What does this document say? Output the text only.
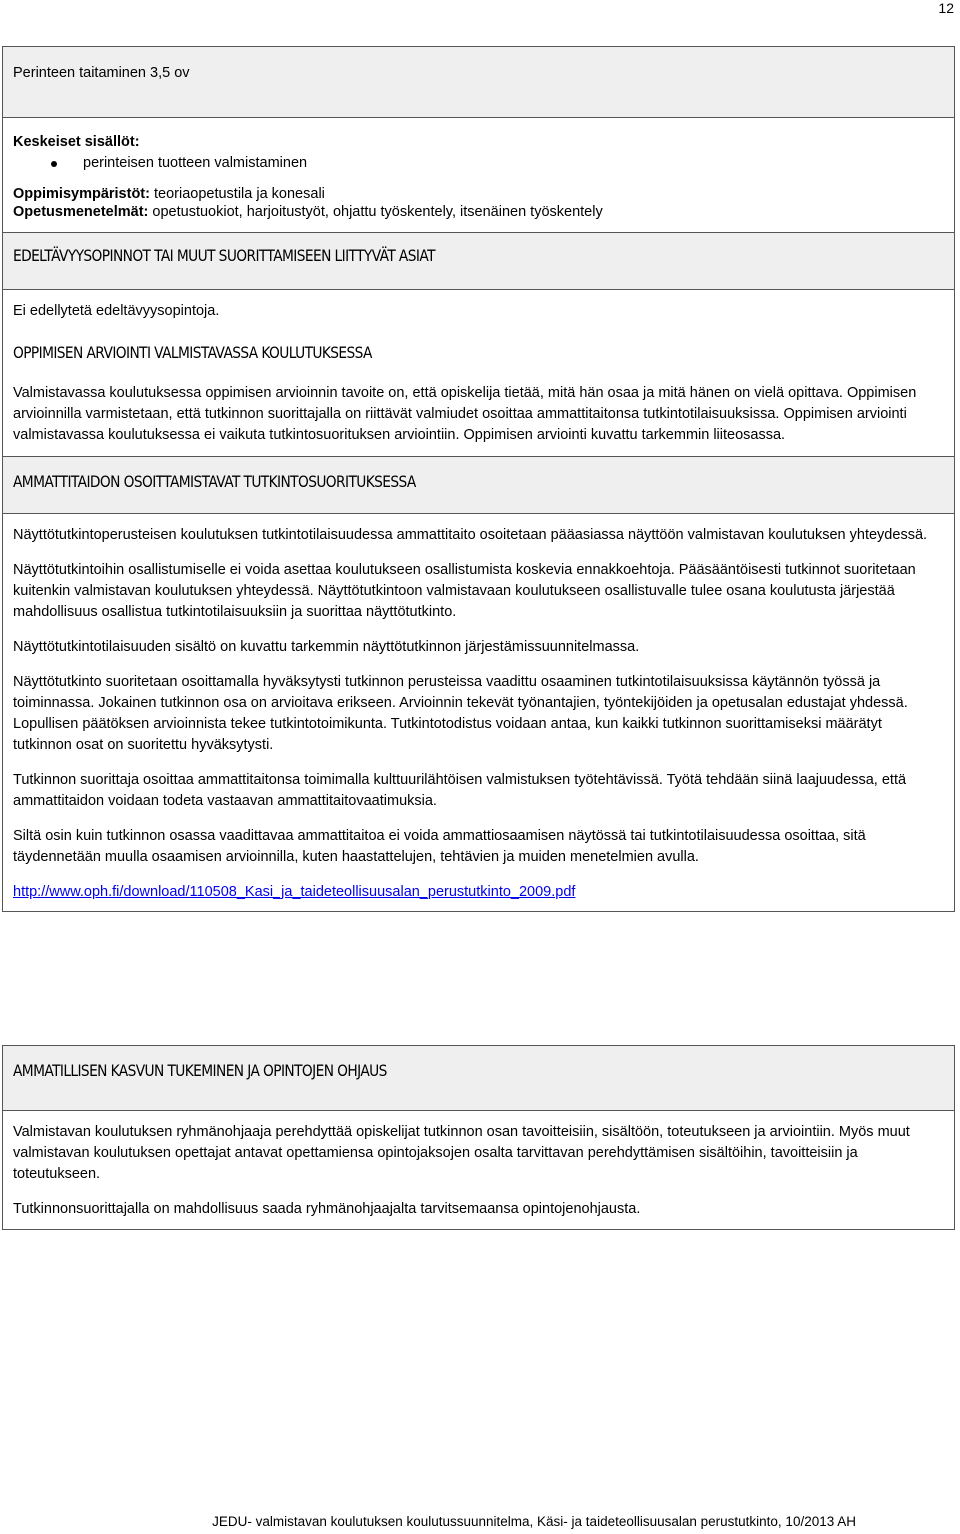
12
Perinteen taitaminen 3,5 ov

Keskeiset sisällöt:

perinteisen tuotteen valmistaminen

Oppimisympäristöt: teoriaopetustila ja konesali

Opetusmenetelmät: opetustuokiot, harjoitustyöt, ohjattu työskentely, itsenäinen työskentely

EDELTÄVYYSOPINNOT TAI MUUT SUORITTAMISEEN LIITTYVÄT ASIAT

Ei edellytetä edeltävyysopintoja.

OPPIMISEN ARVIOINTI VALMISTAVASSA KOULUTUKSESSA

Valmistavassa koulutuksessa oppimisen arvioinnin tavoite on, että opiskelija tietää, mitä hän osaa ja mitä hänen on vielä opittava. Oppimisen arvioinnilla varmistetaan, että tutkinnon suorittajalla on riittävät valmiudet osoittaa ammattitaitonsa tutkintotilaisuuksissa. Oppimisen arviointi valmistavassa koulutuksessa ei vaikuta tutkintosuorituksen arviointiin. Oppimisen arviointi kuvattu tarkemmin liiteosassa.

AMMATTITAIDON OSOITTAMISTAVAT TUTKINTOSUORITUKSESSA

Näyttötutkintoperusteisen koulutuksen tutkintotilaisuudessa ammattitaito osoitetaan pääasiassa näyttöön valmistavan koulutuksen yhteydessä.

Näyttötutkintoihin osallistumiselle ei voida asettaa koulutukseen osallistumista koskevia ennakkoehtoja. Pääsääntöisesti tutkinnot suoritetaan kuitenkin valmistavan koulutuksen yhteydessä. Näyttötutkintoon valmistavaan koulutukseen osallistuvalle tulee osana koulutusta järjestää mahdollisuus osallistua tutkintotilaisuuksiin ja suorittaa näyttötutkinto.

Näyttötutkintotilaisuuden sisältö on kuvattu tarkemmin näyttötutkinnon järjestämissuunnitelmassa.

Näyttötutkinto suoritetaan osoittamalla hyväksytysti tutkinnon perusteissa vaadittu osaaminen tutkintotilaisuuksissa käytännön työssä ja toiminnassa. Jokainen tutkinnon osa on arvioitava erikseen. Arvioinnin tekevät työnantajien, työntekijöiden ja opetusalan edustajat yhdessä. Lopullisen päätöksen arvioinnista tekee tutkintotoimikunta. Tutkintotodistus voidaan antaa, kun kaikki tutkinnon suorittamiseksi määrätyt tutkinnon osat on suoritettu hyväksytysti.

Tutkinnon suorittaja osoittaa ammattitaitonsa toimimalla kulttuurilähtöisen valmistuksen työtehtävissä. Työtä tehdään siinä laajuudessa, että ammattitaidon voidaan todeta vastaavan ammattitaitovaatimuksia.

Siltä osin kuin tutkinnon osassa vaadittavaa ammattitaitoa ei voida ammattiosaamisen näytössä tai tutkintotilaisuudessa osoittaa, sitä täydennetään muulla osaamisen arvioinnilla, kuten haastattelujen, tehtävien ja muiden menetelmien avulla.

http://www.oph.fi/download/110508_Kasi_ja_taideteollisuusalan_perustutkinto_2009.pdf

AMMATILLISEN KASVUN TUKEMINEN JA OPINTOJEN OHJAUS

Valmistavan koulutuksen ryhmänohjaaja perehdyttää opiskelijat tutkinnon osan tavoitteisiin, sisältöön, toteutukseen ja arviointiin. Myös muut valmistavan koulutuksen opettajat antavat opettamiensa opintojaksojen osalta tarvittavan perehdyttämisen sisältöihin, tavoitteisiin ja toteutukseen.

Tutkinnonsuorittajalla on mahdollisuus saada ryhmänohjaajalta tarvitsemaansa opintojenohjausta.

JEDU- valmistavan koulutuksen koulutussuunnitelma, Käsi- ja taideteollisuusalan perustutkinto, 10/2013 AH
